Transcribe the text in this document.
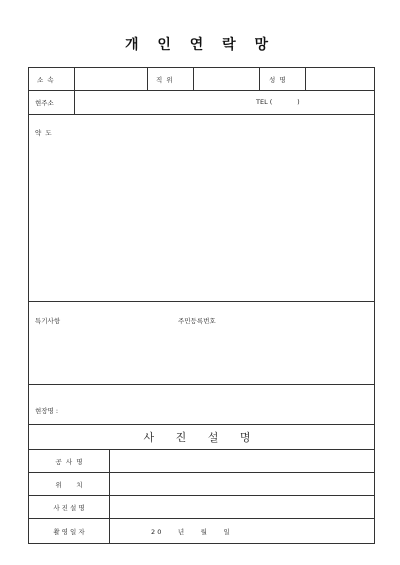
개 인 연 락 망
소  속	직  위	성  명
현주소	TEL (            )
약  도
특기사항	주민등록번호
현장명 :
사 진 설 명
공  사  명
위       치
사 진 설 명
촬 영 일 자	2 0        년        월        일
